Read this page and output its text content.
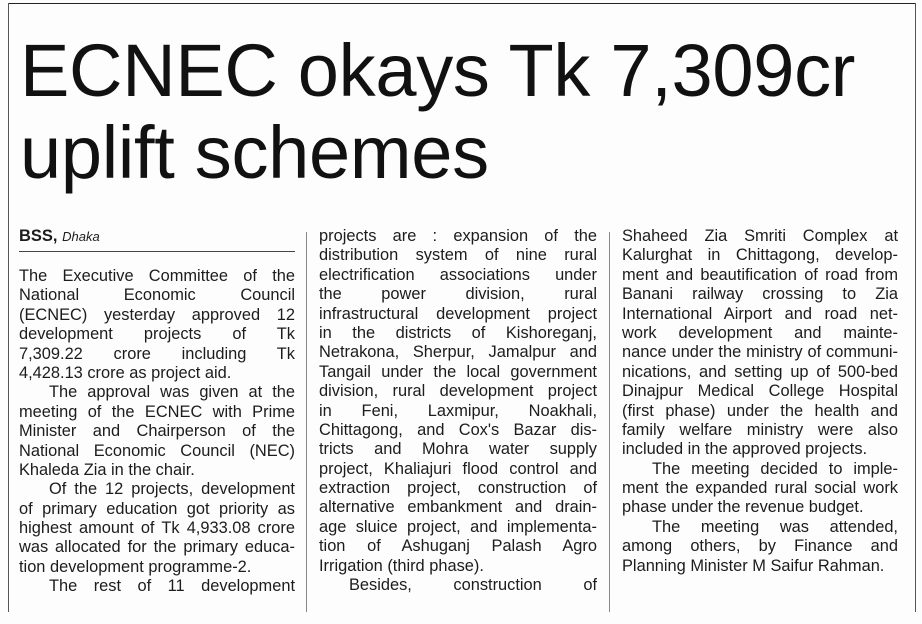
ECNEC okays Tk 7,309cr
uplift schemes
BSS, Dhaka
The Executive Committee of the
National Economic Council
(ECNEC) yesterday approved 12
development projects of Tk
7,309.22 crore including Tk
4,428.13 crore as project aid.
The approval was given at the
meeting of the ECNEC with Prime
Minister and Chairperson of the
National Economic Council (NEC)
Khaleda Zia in the chair.
Of the 12 projects, development
of primary education got priority as
highest amount of Tk 4,933.08 crore
was allocated for the primary educa-
tion development programme-2.
The rest of 11 development
projects are : expansion of the
distribution system of nine rural
electrification associations under
the power division, rural
infrastructural development project
in the districts of Kishoreganj,
Netrakona, Sherpur, Jamalpur and
Tangail under the local government
division, rural development project
in Feni, Laxmipur, Noakhali,
Chittagong, and Cox's Bazar dis-
tricts and Mohra water supply
project, Khaliajuri flood control and
extraction project, construction of
alternative embankment and drain-
age sluice project, and implementa-
tion of Ashuganj Palash Agro
Irrigation (third phase).
Besides, construction of
Shaheed Zia Smriti Complex at
Kalurghat in Chittagong, develop-
ment and beautification of road from
Banani railway crossing to Zia
International Airport and road net-
work development and mainte-
nance under the ministry of communi-
nications, and setting up of 500-bed
Dinajpur Medical College Hospital
(first phase) under the health and
family welfare ministry were also
included in the approved projects.
The meeting decided to imple-
ment the expanded rural social work
phase under the revenue budget.
The meeting was attended,
among others, by Finance and
Planning Minister M Saifur Rahman.
